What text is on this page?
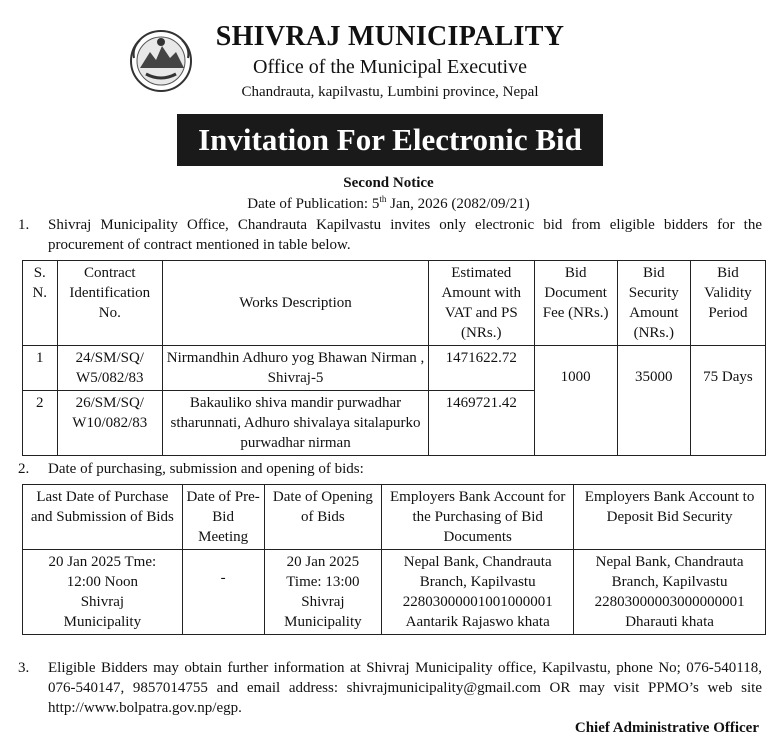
SHIVRAJ MUNICIPALITY
Office of the Municipal Executive
Chandrauta, kapilvastu, Lumbini province, Nepal
Invitation For Electronic Bid
Second Notice
Date of Publication: 5th Jan, 2026 (2082/09/21)
1.	Shivraj Municipality Office, Chandrauta Kapilvastu invites only electronic bid from eligible bidders for the procurement of contract mentioned in table below.
S. N.	Contract Identification No.	Works Description	Estimated Amount with VAT and PS (NRs.)	Bid Document Fee (NRs.)	Bid Security Amount (NRs.)	Bid Validity Period
1	24/SM/SQ/ W5/082/83	Nirmandhin Adhuro yog Bhawan Nirman , Shivraj-5	1471622.72	1000	35000	75 Days
2	26/SM/SQ/ W10/082/83	Bakauliko shiva mandir purwadhar stharunnati, Adhuro shivalaya sitalapurko purwadhar nirman	1469721.42			
2.	Date of purchasing, submission and opening of bids:
Last Date of Purchase and Submission of Bids	Date of Pre-Bid Meeting	Date of Opening of Bids	Employers Bank Account for the Purchasing of Bid Documents	Employers Bank Account to Deposit Bid Security
20 Jan 2025 Tme: 12:00 Noon Shivraj Municipality	-	20 Jan 2025 Time: 13:00 Shivraj Municipality	Nepal Bank, Chandrauta Branch, Kapilvastu 22803000001001000001 Aantarik Rajaswo khata	Nepal Bank, Chandrauta Branch, Kapilvastu 22803000003000000001 Dharauti khata
3.	Eligible Bidders may obtain further information at Shivraj Municipality office, Kapilvastu, phone No; 076-540118, 076-540147, 9857014755 and email address: shivrajmunicipality@gmail.com OR may visit PPMO’s web site http://www.bolpatra.gov.np/egp.
Chief Administrative Officer
